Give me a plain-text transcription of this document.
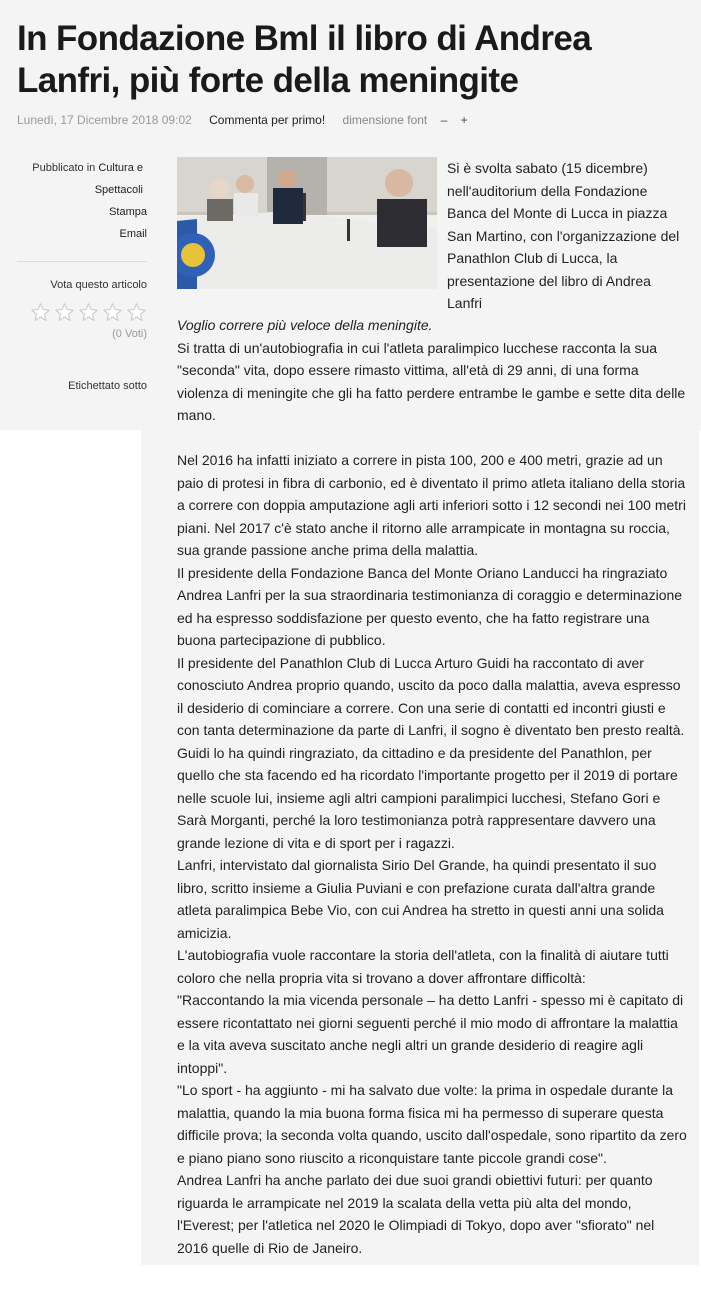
In Fondazione Bml il libro di Andrea Lanfri, più forte della meningite
Lunedì, 17 Dicembre 2018 09:02 Commenta per primo! dimensione font – +
Pubblicato in Cultura e Spettacoli
Stampa
Email
Vota questo articolo
(0 Voti)
Etichettato sotto
Si è svolta sabato (15 dicembre) nell'auditorium della Fondazione Banca del Monte di Lucca in piazza San Martino, con l'organizzazione del Panathlon Club di Lucca, la presentazione del libro di Andrea Lanfri

Voglio correre più veloce della meningite.

Si tratta di un'autobiografia in cui l'atleta paralimpico lucchese racconta la sua "seconda" vita, dopo essere rimasto vittima, all'età di 29 anni, di una forma violenza di meningite che gli ha fatto perdere entrambe le gambe e sette dita delle mano.

Nel 2016 ha infatti iniziato a correre in pista 100, 200 e 400 metri, grazie ad un paio di protesi in fibra di carbonio, ed è diventato il primo atleta italiano della storia a correre con doppia amputazione agli arti inferiori sotto i 12 secondi nei 100 metri piani. Nel 2017 c'è stato anche il ritorno alle arrampicate in montagna su roccia, sua grande passione anche prima della malattia.

Il presidente della Fondazione Banca del Monte Oriano Landucci ha ringraziato Andrea Lanfri per la sua straordinaria testimonianza di coraggio e determinazione ed ha espresso soddisfazione per questo evento, che ha fatto registrare una buona partecipazione di pubblico.

Il presidente del Panathlon Club di Lucca Arturo Guidi ha raccontato di aver conosciuto Andrea proprio quando, uscito da poco dalla malattia, aveva espresso il desiderio di cominciare a correre. Con una serie di contatti ed incontri giusti e con tanta determinazione da parte di Lanfri, il sogno è diventato ben presto realtà. Guidi lo ha quindi ringraziato, da cittadino e da presidente del Panathlon, per quello che sta facendo ed ha ricordato l'importante progetto per il 2019 di portare nelle scuole lui, insieme agli altri campioni paralimpici lucchesi, Stefano Gori e Sarà Morganti, perché la loro testimonianza potrà rappresentare davvero una grande lezione di vita e di sport per i ragazzi.

Lanfri, intervistato dal giornalista Sirio Del Grande, ha quindi presentato il suo libro, scritto insieme a Giulia Puviani e con prefazione curata dall'altra grande atleta paralimpica Bebe Vio, con cui Andrea ha stretto in questi anni una solida amicizia.

L'autobiografia vuole raccontare la storia dell'atleta, con la finalità di aiutare tutti coloro che nella propria vita si trovano a dover affrontare difficoltà:

"Raccontando la mia vicenda personale – ha detto Lanfri - spesso mi è capitato di essere ricontattato nei giorni seguenti perché il mio modo di affrontare la malattia e la vita aveva suscitato anche negli altri un grande desiderio di reagire agli intoppi".

"Lo sport - ha aggiunto - mi ha salvato due volte: la prima in ospedale durante la malattia, quando la mia buona forma fisica mi ha permesso di superare questa difficile prova; la seconda volta quando, uscito dall'ospedale, sono ripartito da zero e piano piano sono riuscito a riconquistare tante piccole grandi cose".

Andrea Lanfri ha anche parlato dei due suoi grandi obiettivi futuri: per quanto riguarda le arrampicate nel 2019 la scalata della vetta più alta del mondo, l'Everest; per l'atletica nel 2020 le Olimpiadi di Tokyo, dopo aver "sfiorato" nel 2016 quelle di Rio de Janeiro.
